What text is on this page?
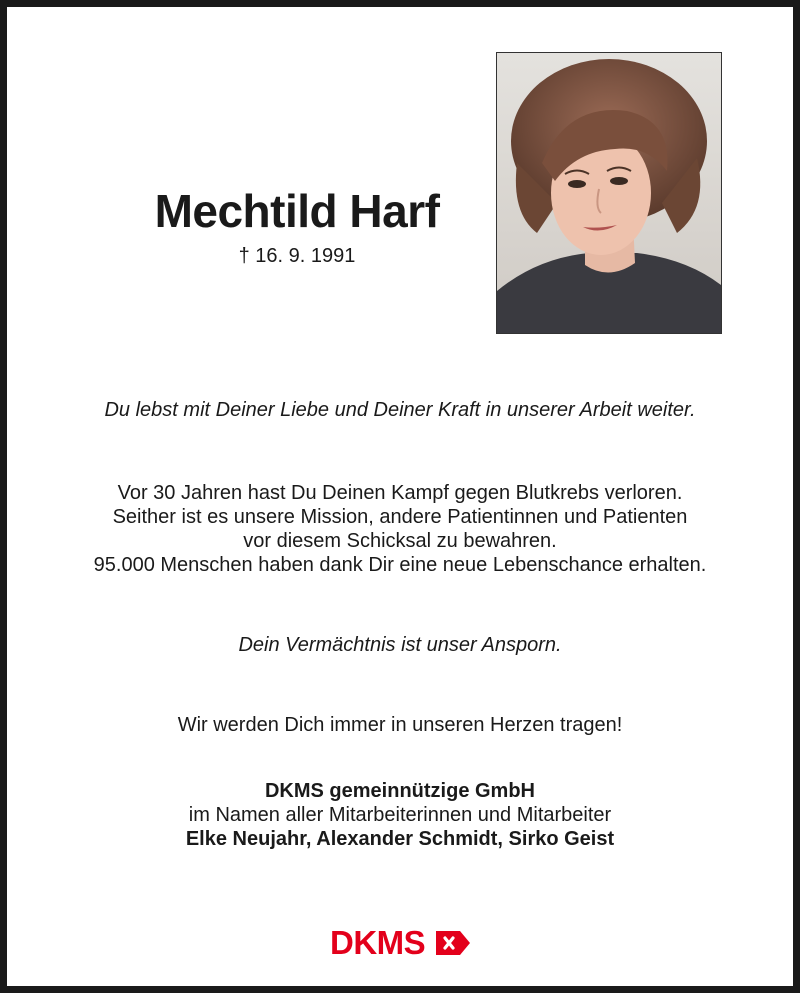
Mechtild Harf
† 16. 9. 1991
Du lebst mit Deiner Liebe und Deiner Kraft in unserer Arbeit weiter.
Vor 30 Jahren hast Du Deinen Kampf gegen Blutkrebs verloren.
Seither ist es unsere Mission, andere Patientinnen und Patienten
vor diesem Schicksal zu bewahren.
95.000 Menschen haben dank Dir eine neue Lebenschance erhalten.
Dein Vermächtnis ist unser Ansporn.
Wir werden Dich immer in unseren Herzen tragen!
DKMS gemeinnützige GmbH
im Namen aller Mitarbeiterinnen und Mitarbeiter
Elke Neujahr, Alexander Schmidt, Sirko Geist
DKMS
